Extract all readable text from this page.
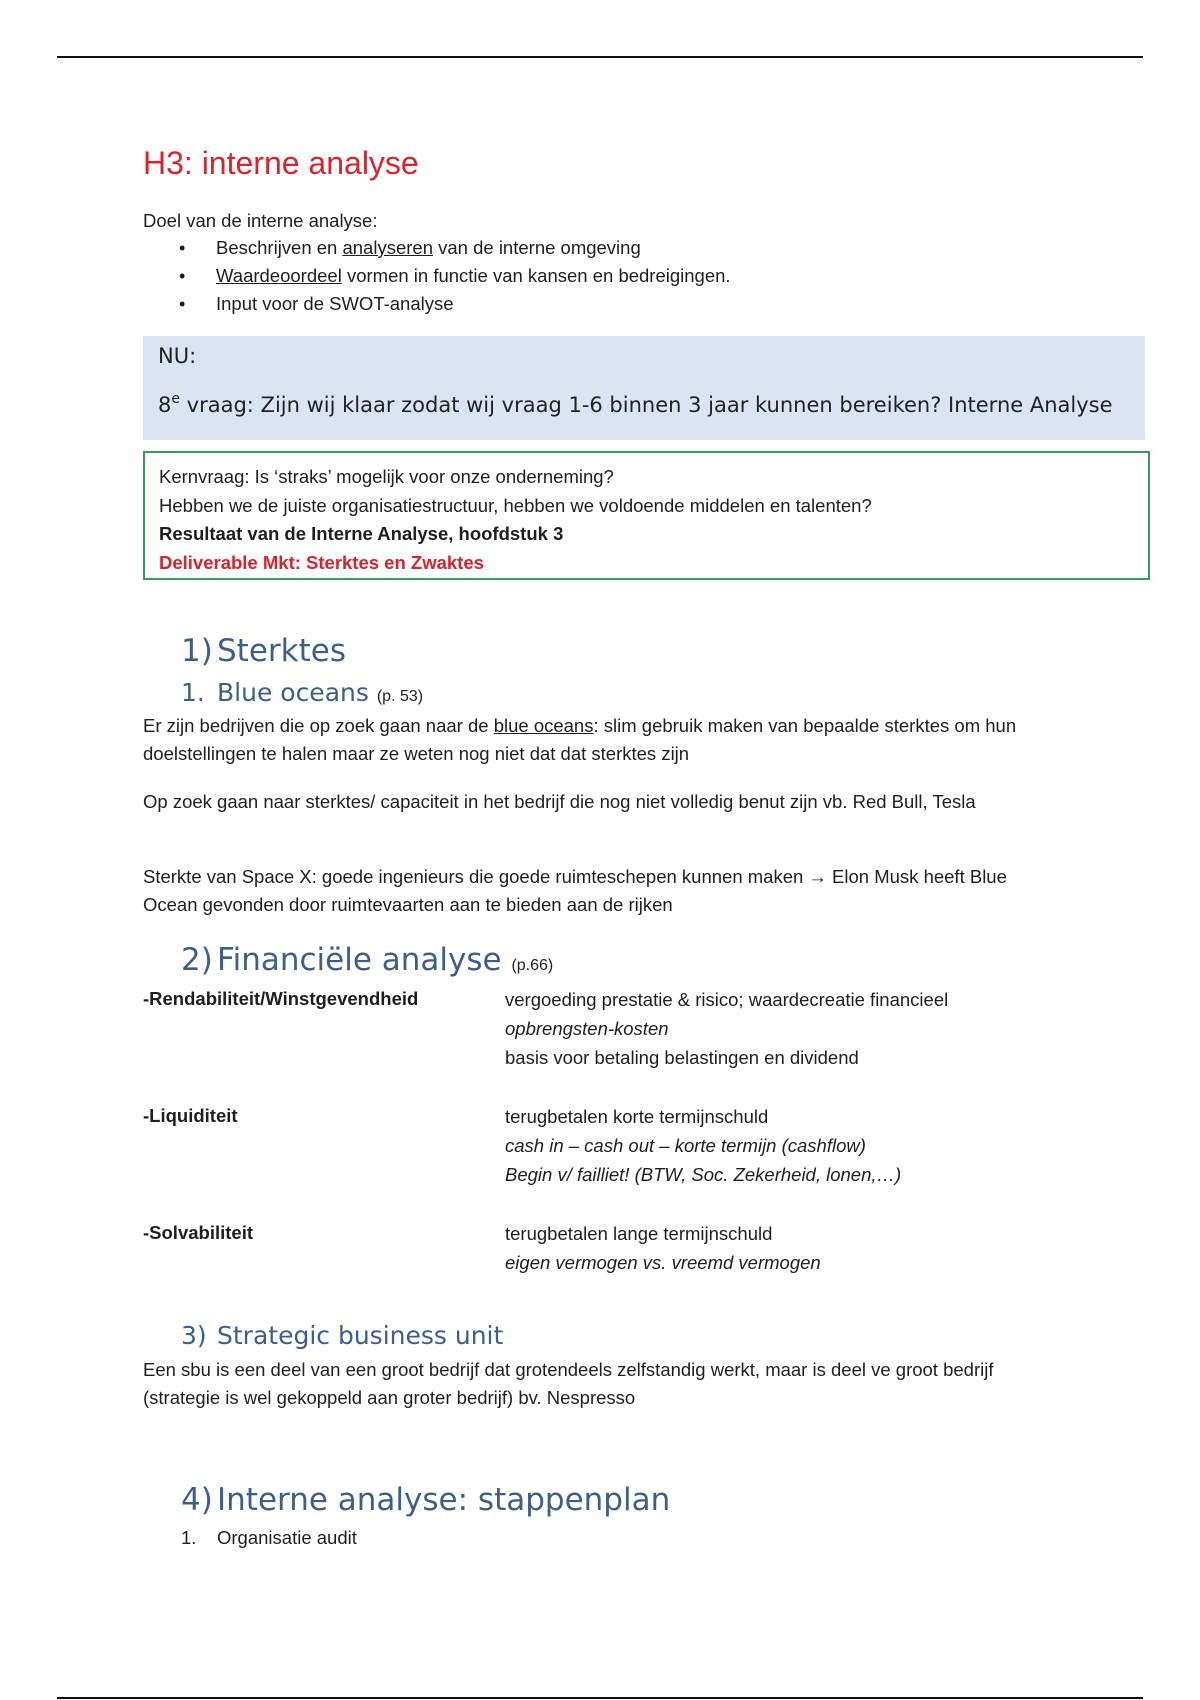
H3: interne analyse

Doel van de interne analyse:

• Beschrijven en analyseren van de interne omgeving
• Waardeoordeel vormen in functie van kansen en bedreigingen.
• Input voor de SWOT-analyse
NU:
8e vraag: Zijn wij klaar zodat wij vraag 1-6 binnen 3 jaar kunnen bereiken? Interne Analyse

Kernvraag: Is ‘straks’ mogelijk voor onze onderneming?

Hebben we de juiste organisatiestructuur, hebben we voldoende middelen en talenten?

Resultaat van de Interne Analyse, hoofdstuk 3

Deliverable Mkt: Sterktes en Zwaktes

1) Sterktes
1. Blue oceans (p. 53)

Er zijn bedrijven die op zoek gaan naar de blue oceans: slim gebruik maken van bepaalde sterktes om hun doelstellingen te halen maar ze weten nog niet dat dat sterktes zijn

Op zoek gaan naar sterktes/ capaciteit in het bedrijf die nog niet volledig benut zijn vb. Red Bull, Tesla

Sterkte van Space X: goede ingenieurs die goede ruimteschepen kunnen maken → Elon Musk heeft Blue Ocean gevonden door ruimtevaarten aan te bieden aan de rijken

2) Financiële analyse (p.66)
-Rendabiliteit/Winstgevendheid	vergoeding prestatie & risico; waardecreatie financieel
opbrengsten-kosten
basis voor betaling belastingen en dividend
-Liquiditeit	terugbetalen korte termijnschuld
cash in – cash out – korte termijn (cashflow)
Begin v/ failliet! (BTW, Soc. Zekerheid, lonen,…)
-Solvabiliteit	terugbetalen lange termijnschuld
eigen vermogen vs. vreemd vermogen
3) Strategic business unit

Een sbu is een deel van een groot bedrijf dat grotendeels zelfstandig werkt, maar is deel ve groot bedrijf (strategie is wel gekoppeld aan groter bedrijf) bv. Nespresso

4) Interne analyse: stappenplan

1. Organisatie audit
